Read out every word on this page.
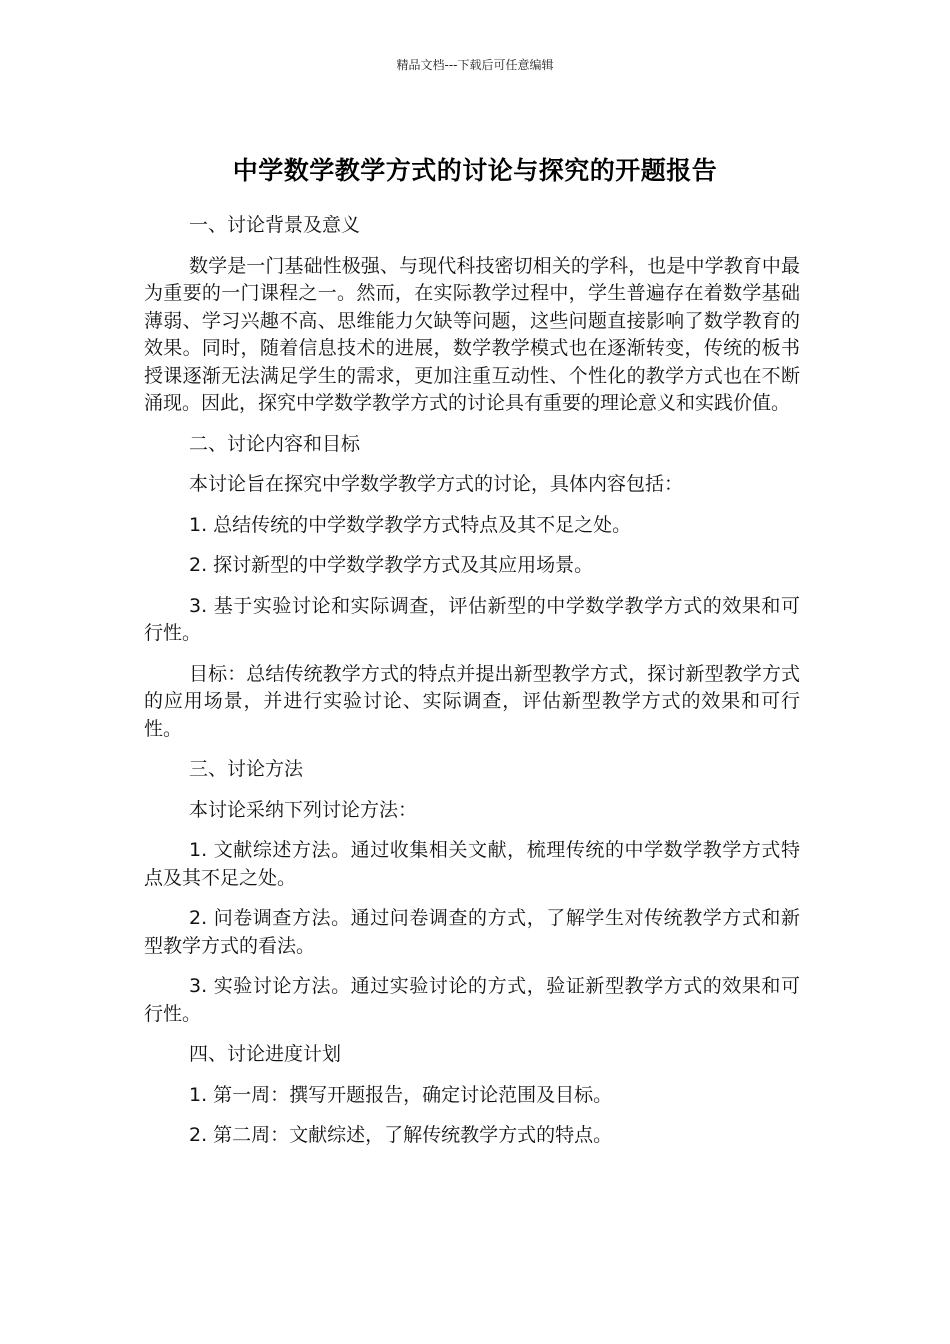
精品文档---下载后可任意编辑
中学数学教学方式的讨论与探究的开题报告

一、讨论背景及意义

数学是一门基础性极强、与现代科技密切相关的学科，也是中学教育中最为重要的一门课程之一。然而，在实际教学过程中，学生普遍存在着数学基础薄弱、学习兴趣不高、思维能力欠缺等问题，这些问题直接影响了数学教育的效果。同时，随着信息技术的进展，数学教学模式也在逐渐转变，传统的板书授课逐渐无法满足学生的需求，更加注重互动性、个性化的教学方式也在不断涌现。因此，探究中学数学教学方式的讨论具有重要的理论意义和实践价值。

二、讨论内容和目标

本讨论旨在探究中学数学教学方式的讨论，具体内容包括：

1. 总结传统的中学数学教学方式特点及其不足之处。

2. 探讨新型的中学数学教学方式及其应用场景。

3. 基于实验讨论和实际调查，评估新型的中学数学教学方式的效果和可行性。

目标：总结传统教学方式的特点并提出新型教学方式，探讨新型教学方式的应用场景，并进行实验讨论、实际调查，评估新型教学方式的效果和可行性。

三、讨论方法

本讨论采纳下列讨论方法：

1. 文献综述方法。通过收集相关文献，梳理传统的中学数学教学方式特点及其不足之处。

2. 问卷调查方法。通过问卷调查的方式，了解学生对传统教学方式和新型教学方式的看法。

3. 实验讨论方法。通过实验讨论的方式，验证新型教学方式的效果和可行性。

四、讨论进度计划

1. 第一周：撰写开题报告，确定讨论范围及目标。

2. 第二周：文献综述，了解传统教学方式的特点。
